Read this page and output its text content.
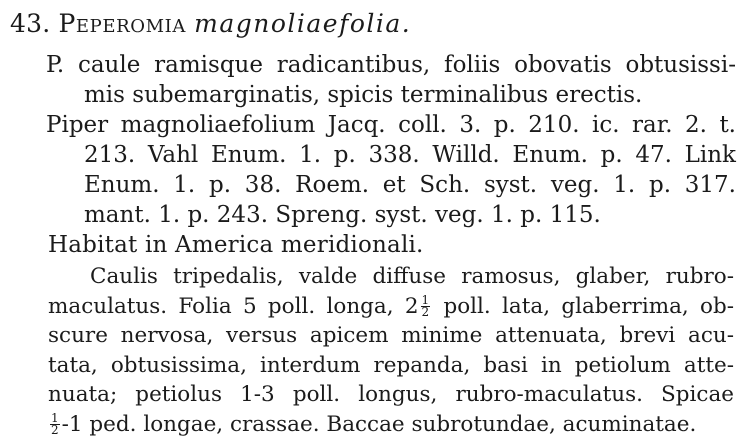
43. Peperomia magnoliaefolia.
P. caule ramisque radicantibus, foliis obovatis obtusissi-
mis subemarginatis, spicis terminalibus erectis.
Piper magnoliaefolium Jacq. coll. 3. p. 210. ic. rar. 2. t.
213. Vahl Enum. 1. p. 338. Willd. Enum. p. 47. Link
Enum. 1. p. 38. Roem. et Sch. syst. veg. 1. p. 317.
mant. 1. p. 243. Spreng. syst. veg. 1. p. 115.
Habitat in America meridionali.
Caulis tripedalis, valde diffuse ramosus, glaber, rubro-
maculatus. Folia 5 poll. longa, $2 \frac{1}{2}$ poll. lata, glaberrima, ob-
scure nervosa, versus apicem minime attenuata, brevi acu-
tata, obtusissima, interdum repanda, basi in petiolum atte-
nuata; petiolus 1-3 poll. longus, rubro-maculatus. Spicae
$\frac{1}{2} -1$ ped. longae, crassae. Baccae subrotundae, acuminatae.
